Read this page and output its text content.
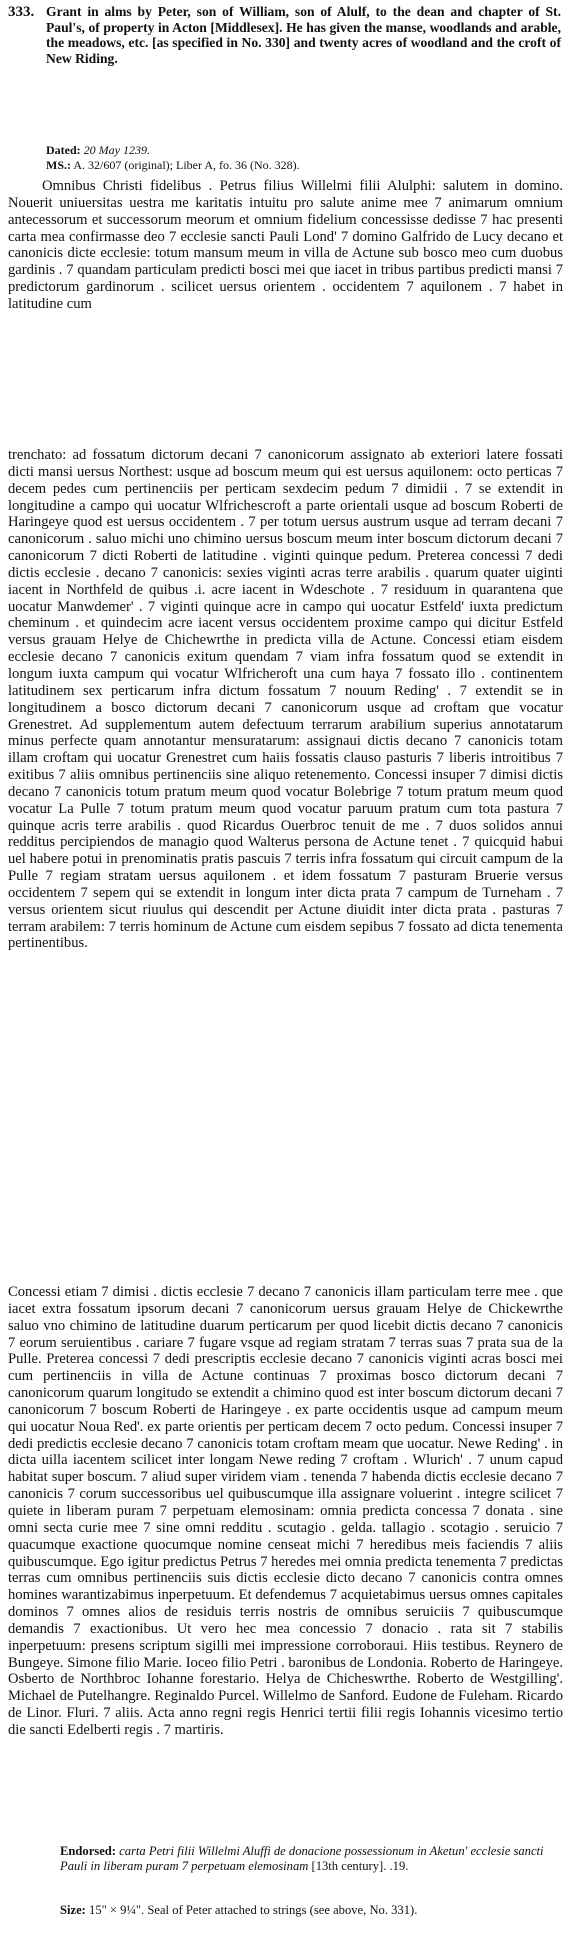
333. Grant in alms by Peter, son of William, son of Alulf, to the dean and chapter of St. Paul's, of property in Acton [Middlesex]. He has given the manse, woodlands and arable, the meadows, etc. [as specified in No. 330] and twenty acres of woodland and the croft of New Riding.
Dated: 20 May 1239.
MS.: A. 32/607 (original); Liber A, fo. 36 (No. 328).
Omnibus Christi fidelibus . Petrus filius Willelmi filii Alulphi: salutem in domino. Nouerit uniuersitas uestra me karitatis intuitu pro salute anime mee 7 animarum omnium antecessorum et successorum meorum et omnium fidelium concessisse dedisse 7 hac presenti carta mea confirmasse deo 7 ecclesie sancti Pauli Lond' 7 domino Galfrido de Lucy decano et canonicis dicte ecclesie: totum mansum meum in villa de Actune sub bosco meo cum duobus gardinis . 7 quandam particulam predicti bosci mei que iacet in tribus partibus predicti mansi 7 predictorum gardinorum . scilicet uersus orientem . occidentem 7 aquilonem . 7 habet in latitudine cum
trenchato: ad fossatum dictorum decani 7 canonicorum assignato ab exteriori latere fossati dicti mansi uersus Northest: usque ad boscum meum qui est uersus aquilonem: octo perticas 7 decem pedes cum pertinenciis per perticam sexdecim pedum 7 dimidii . 7 se extendit in longitudine a campo qui uocatur Wlfrichescroft a parte orientali usque ad boscum Roberti de Haringeye quod est uersus occidentem . 7 per totum uersus austrum usque ad terram decani 7 canonicorum . saluo michi uno chimino uersus boscum meum inter boscum dictorum decani 7 canonicorum 7 dicti Roberti de latitudine . viginti quinque pedum. Preterea concessi 7 dedi dictis ecclesie . decano 7 canonicis: sexies viginti acras terre arabilis . quarum quater uiginti iacent in Northfeld de quibus .i. acre iacent in Wdeschote . 7 residuum in quarantena que uocatur Manwdemer' . 7 viginti quinque acre in campo qui uocatur Estfeld' iuxta predictum cheminum . et quindecim acre iacent versus occidentem proxime campo qui dicitur Estfeld versus grauam Helye de Chichewrthe in predicta villa de Actune. Concessi etiam eisdem ecclesie decano 7 canonicis exitum quendam 7 viam infra fossatum quod se extendit in longum iuxta campum qui vocatur Wlfricheroft una cum haya 7 fossato illo . continentem latitudinem sex perticarum infra dictum fossatum 7 nouum Reding' . 7 extendit se in longitudinem a bosco dictorum decani 7 canonicorum usque ad croftam que vocatur Grenestret. Ad supplementum autem defectuum terrarum arabilium superius annotatarum minus perfecte quam annotantur mensuratarum: assignaui dictis decano 7 canonicis totam illam croftam qui uocatur Grenestret cum haiis fossatis clauso pasturis 7 liberis introitibus 7 exitibus 7 aliis omnibus pertinenciis sine aliquo retenemento. Concessi insuper 7 dimisi dictis decano 7 canonicis totum pratum meum quod vocatur Bolebrige 7 totum pratum meum quod vocatur La Pulle 7 totum pratum meum quod vocatur paruum pratum cum tota pastura 7 quinque acris terre arabilis . quod Ricardus Ouerbroc tenuit de me . 7 duos solidos annui redditus percipiendos de managio quod Walterus persona de Actune tenet . 7 quicquid habui uel habere potui in prenominatis pratis pascuis 7 terris infra fossatum qui circuit campum de la Pulle 7 regiam stratam uersus aquilonem . et idem fossatum 7 pasturam Bruerie versus occidentem 7 sepem qui se extendit in longum inter dicta prata 7 campum de Turneham . 7 versus orientem sicut riuulus qui descendit per Actune diuidit inter dicta prata . pasturas 7 terram arabilem: 7 terris hominum de Actune cum eisdem sepibus 7 fossato ad dicta tenementa pertinentibus.
Concessi etiam 7 dimisi . dictis ecclesie 7 decano 7 canonicis illam particulam terre mee . que iacet extra fossatum ipsorum decani 7 canonicorum uersus grauam Helye de Chickewrthe saluo vno chimino de latitudine duarum perticarum per quod licebit dictis decano 7 canonicis 7 eorum seruientibus . cariare 7 fugare vsque ad regiam stratam 7 terras suas 7 prata sua de la Pulle. Preterea concessi 7 dedi prescriptis ecclesie decano 7 canonicis viginti acras bosci mei cum pertinenciis in villa de Actune continuas 7 proximas bosco dictorum decani 7 canonicorum quarum longitudo se extendit a chimino quod est inter boscum dictorum decani 7 canonicorum 7 boscum Roberti de Haringeye . ex parte occidentis usque ad campum meum qui uocatur Noua Red'. ex parte orientis per perticam decem 7 octo pedum. Concessi insuper 7 dedi predictis ecclesie decano 7 canonicis totam croftam meam que uocatur. Newe Reding' . in dicta uilla iacentem scilicet inter longam Newe reding 7 croftam . Wlurich' . 7 unum capud habitat super boscum. 7 aliud super viridem viam . tenenda 7 habenda dictis ecclesie decano 7 canonicis 7 corum successoribus uel quibuscumque illa assignare voluerint . integre scilicet 7 quiete in liberam puram 7 perpetuam elemosinam: omnia predicta concessa 7 donata . sine omni secta curie mee 7 sine omni redditu . scutagio . gelda. tallagio . scotagio . seruicio 7 quacumque exactione quocumque nomine censeat michi 7 heredibus meis faciendis 7 aliis quibuscumque. Ego igitur predictus Petrus 7 heredes mei omnia predicta tenementa 7 predictas terras cum omnibus pertinenciis suis dictis ecclesie dicto decano 7 canonicis contra omnes homines warantizabimus inperpetuum. Et defendemus 7 acquietabimus uersus omnes capitales dominos 7 omnes alios de residuis terris nostris de omnibus seruiciis 7 quibuscumque demandis 7 exactionibus. Ut vero hec mea concessio 7 donacio . rata sit 7 stabilis inperpetuum: presens scriptum sigilli mei impressione corroboraui. Hiis testibus. Reynero de Bungeye. Simone filio Marie. Ioceo filio Petri . baronibus de Londonia. Roberto de Haringeye. Osberto de Northbroc Iohanne forestario. Helya de Chicheswrthe. Roberto de Westgilling'. Michael de Putelhangre. Reginaldo Purcel. Willelmo de Sanford. Eudone de Fuleham. Ricardo de Linor. Fluri. 7 aliis. Acta anno regni regis Henrici tertii filii regis Iohannis vicesimo tertio die sancti Edelberti regis . 7 martiris.
Endorsed: carta Petri filii Willelmi Aluffi de donacione possessionum in Aketun' ecclesie sancti Pauli in liberam puram 7 perpetuam elemosinam [13th century]. .19.
Size: 15" × 9¼". Seal of Peter attached to strings (see above, No. 331).
